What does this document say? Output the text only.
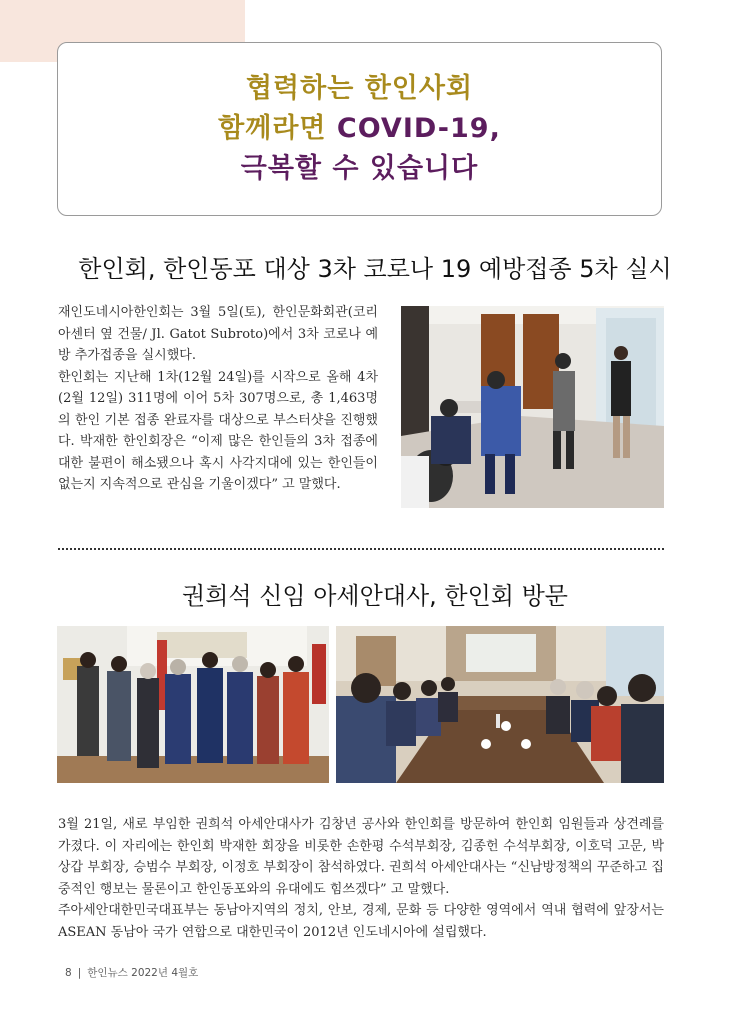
협력하는 한인사회
함께라면 COVID-19,
극복할 수 있습니다
한인회, 한인동포 대상 3차 코로나 19 예방접종 5차 실시

재인도네시아한인회는 3월 5일(토), 한인문화회관(코리아센터 옆 건물/ Jl. Gatot Subroto)에서 3차 코로나 예방 추가접종을 실시했다.

한인회는 지난해 1차(12월 24일)를 시작으로 올해 4차(2월 12일) 311명에 이어 5차 307명으로, 총 1,463명의 한인 기본 접종 완료자를 대상으로 부스터샷을 진행했다. 박재한 한인회장은 “이제 많은 한인들의 3차 접종에 대한 불편이 해소됐으나 혹시 사각지대에 있는 한인들이 없는지 지속적으로 관심을 기울이겠다” 고 말했다.

권희석 신임 아세안대사, 한인회 방문

3월 21일, 새로 부임한 권희석 아세안대사가 김창년 공사와 한인회를 방문하여 한인회 임원들과 상견례를 가졌다. 이 자리에는 한인회 박재한 회장을 비롯한 손한평 수석부회장, 김종헌 수석부회장, 이호덕 고문, 박상갑 부회장, 승범수 부회장, 이정호 부회장이 참석하였다. 권희석 아세안대사는 “신남방정책의 꾸준하고 집중적인 행보는 물론이고 한인동포와의 유대에도 힘쓰겠다” 고 말했다.

주아세안대한민국대표부는 동남아지역의 정치, 안보, 경제, 문화 등 다양한 영역에서 역내 협력에 앞장서는 ASEAN 동남아 국가 연합으로 대한민국이 2012년 인도네시아에 설립했다.

8 | 한인뉴스 2022년 4월호
